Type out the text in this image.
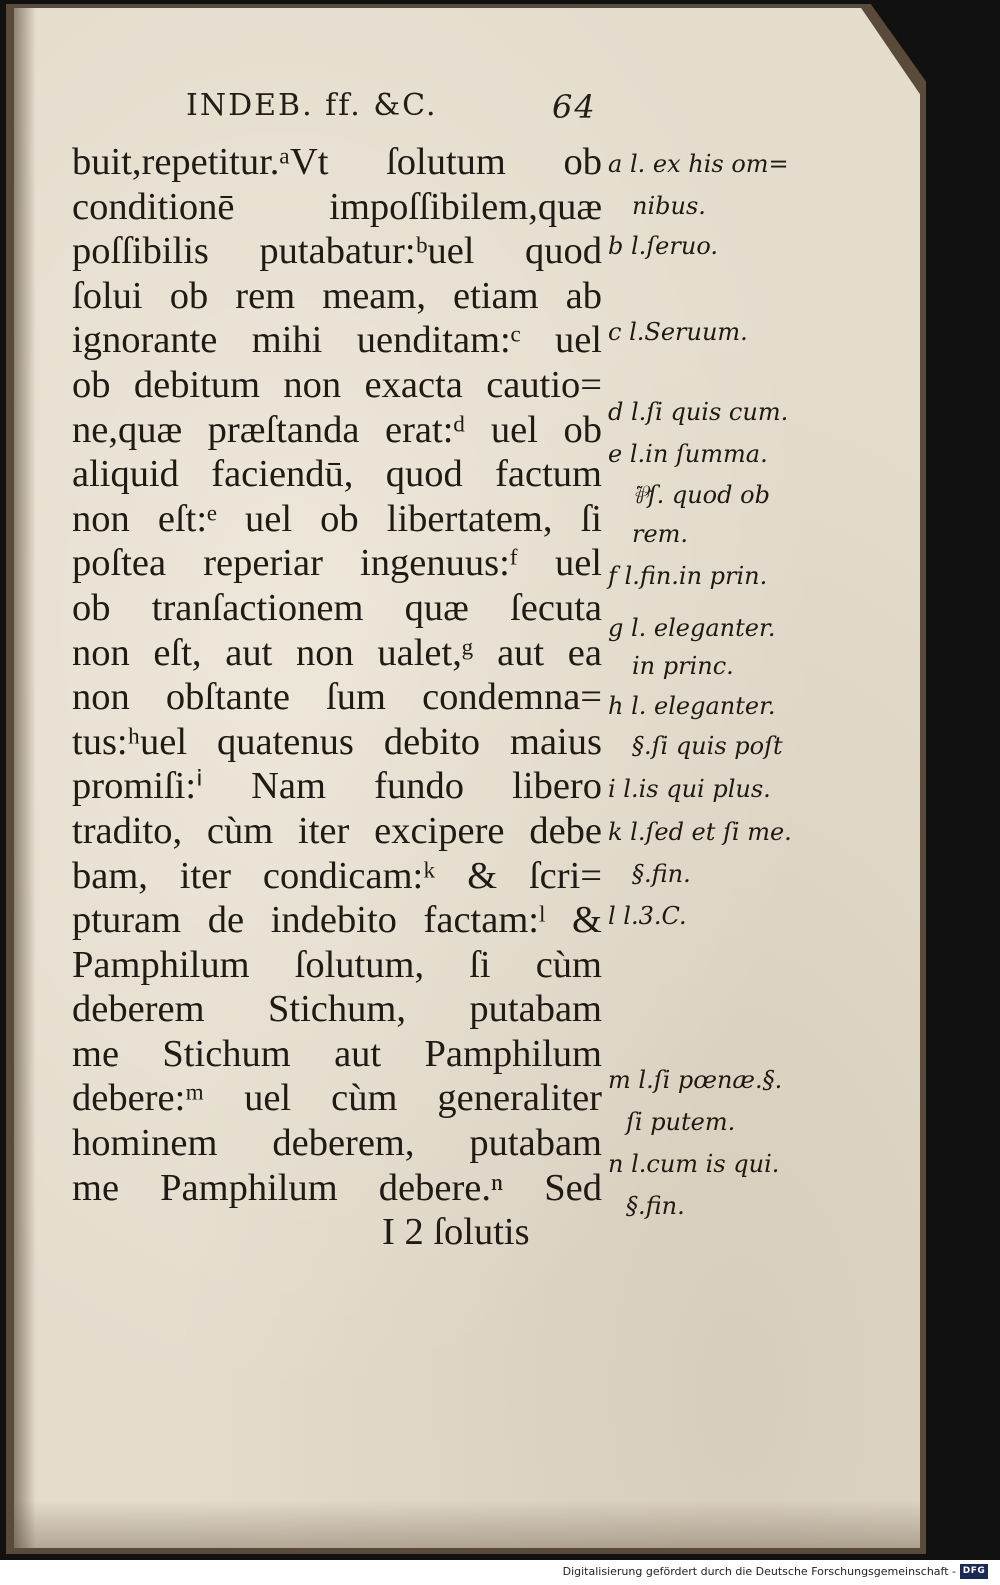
INDEB. ff. &C.	64
buit,repetitur.ᵃVt ſolutum ob
conditionē impoſſibilem,quæ
poſſibilis putabatur:ᵇuel quod
ſolui ob rem meam, etiam ab
ignorante mihi uenditam:ᶜ uel
ob debitum non exacta cautio=
ne,quæ præſtanda erat:ᵈ uel ob
aliquid faciendū, quod factum
non eſt:ᵉ uel ob libertatem, ſi
poſtea reperiar ingenuus:ᶠ uel
ob tranſactionem quæ ſecuta
non eſt, aut non ualet,ᵍ aut ea
non obſtante ſum condemna=
tus:ʰuel quatenus debito maius
promiſi:ⁱ Nam fundo libero
tradito, cùm iter excipere debe
bam, iter condicam:ᵏ & ſcri=
pturam de indebito factam:ˡ &
Pamphilum ſolutum, ſi cùm
deberem Stichum, putabam
me Stichum aut Pamphilum
debere:ᵐ uel cùm generaliter
hominem deberem, putabam
me Pamphilum debere.ⁿ Sed
I 2 ſolutis
a l. ex his om=
nibus.
b l.ſeruo.
c l.Seruum.
d l.ſi quis cum.
e l.in ſumma.
⅌ſ. quod ob
rem.
f l.fin.in prin.
g l. eleganter.
in princ.
h l. eleganter.
§.ſi quis poſt
i l.is qui plus.
k l.ſed et ſi me.
§.fin.
l l.3.C.
m l.ſi pœnæ.§.
ſi putem.
n l.cum is qui.
§.fin.
Digitalisierung gefördert durch die Deutsche Forschungsgemeinschaft - DFG
